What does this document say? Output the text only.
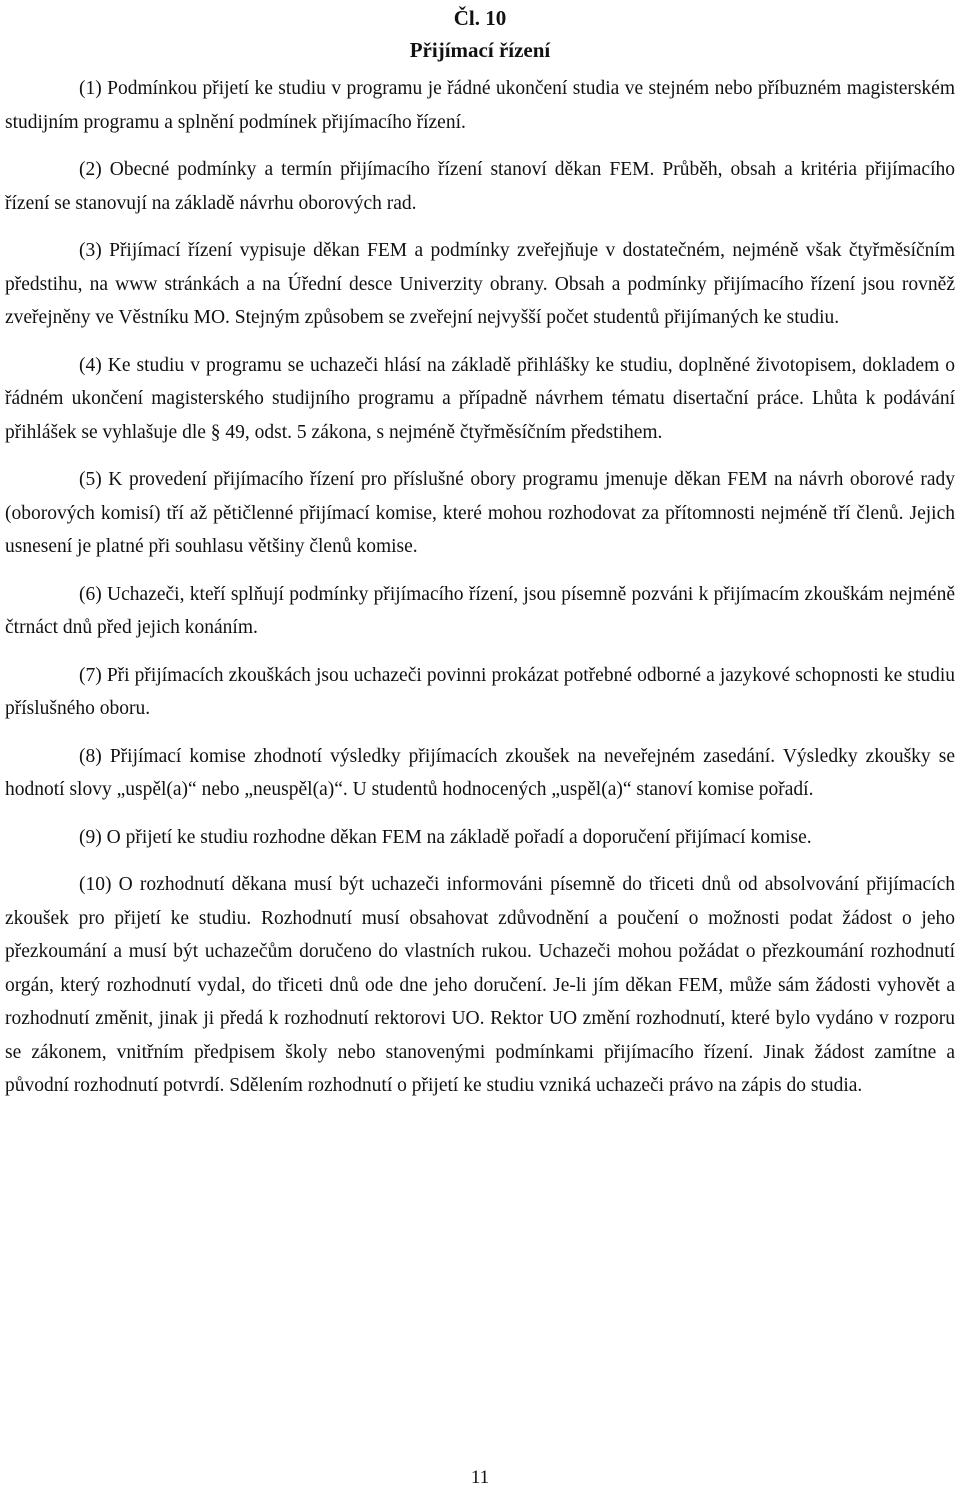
Čl. 10
Přijímací řízení

(1) Podmínkou přijetí ke studiu v programu je řádné ukončení studia ve stejném nebo příbuzném magisterském studijním programu a splnění podmínek přijímacího řízení.

(2) Obecné podmínky a termín přijímacího řízení stanoví děkan FEM. Průběh, obsah a kritéria přijímacího řízení se stanovují na základě návrhu oborových rad.

(3) Přijímací řízení vypisuje děkan FEM a podmínky zveřejňuje v dostatečném, nejméně však čtyřměsíčním předstihu, na www stránkách a na Úřední desce Univerzity obrany. Obsah a podmínky přijímacího řízení jsou rovněž zveřejněny ve Věstníku MO. Stejným způsobem se zveřejní nejvyšší počet studentů přijímaných ke studiu.

(4) Ke studiu v programu se uchazeči hlásí na základě přihlášky ke studiu, doplněné životopisem, dokladem o řádném ukončení magisterského studijního programu a případně návrhem tématu disertační práce. Lhůta k podávání přihlášek se vyhlašuje dle § 49, odst. 5 zákona, s nejméně čtyřměsíčním předstihem.

(5) K provedení přijímacího řízení pro příslušné obory programu jmenuje děkan FEM na návrh oborové rady (oborových komisí) tří až pětičlenné přijímací komise, které mohou rozhodovat za přítomnosti nejméně tří členů. Jejich usnesení je platné při souhlasu většiny členů komise.

(6) Uchazeči, kteří splňují podmínky přijímacího řízení, jsou písemně pozváni k přijímacím zkouškám nejméně čtrnáct dnů před jejich konáním.

(7) Při přijímacích zkouškách jsou uchazeči povinni prokázat potřebné odborné a jazykové schopnosti ke studiu příslušného oboru.

(8) Přijímací komise zhodnotí výsledky přijímacích zkoušek na neveřejném zasedání. Výsledky zkoušky se hodnotí slovy „uspěl(a)“ nebo „neuspěl(a)“. U studentů hodnocených „uspěl(a)“ stanoví komise pořadí.

(9) O přijetí ke studiu rozhodne děkan FEM na základě pořadí a doporučení přijímací komise.

(10) O rozhodnutí děkana musí být uchazeči informováni písemně do třiceti dnů od absolvování přijímacích zkoušek pro přijetí ke studiu. Rozhodnutí musí obsahovat zdůvodnění a poučení o možnosti podat žádost o jeho přezkoumání a musí být uchazečům doručeno do vlastních rukou. Uchazeči mohou požádat o přezkoumání rozhodnutí orgán, který rozhodnutí vydal, do třiceti dnů ode dne jeho doručení. Je-li jím děkan FEM, může sám žádosti vyhovět a rozhodnutí změnit, jinak ji předá k rozhodnutí rektorovi UO. Rektor UO změní rozhodnutí, které bylo vydáno v rozporu se zákonem, vnitřním předpisem školy nebo stanovenými podmínkami přijímacího řízení. Jinak žádost zamítne a původní rozhodnutí potvrdí. Sdělením rozhodnutí o přijetí ke studiu vzniká uchazeči právo na zápis do studia.

11
